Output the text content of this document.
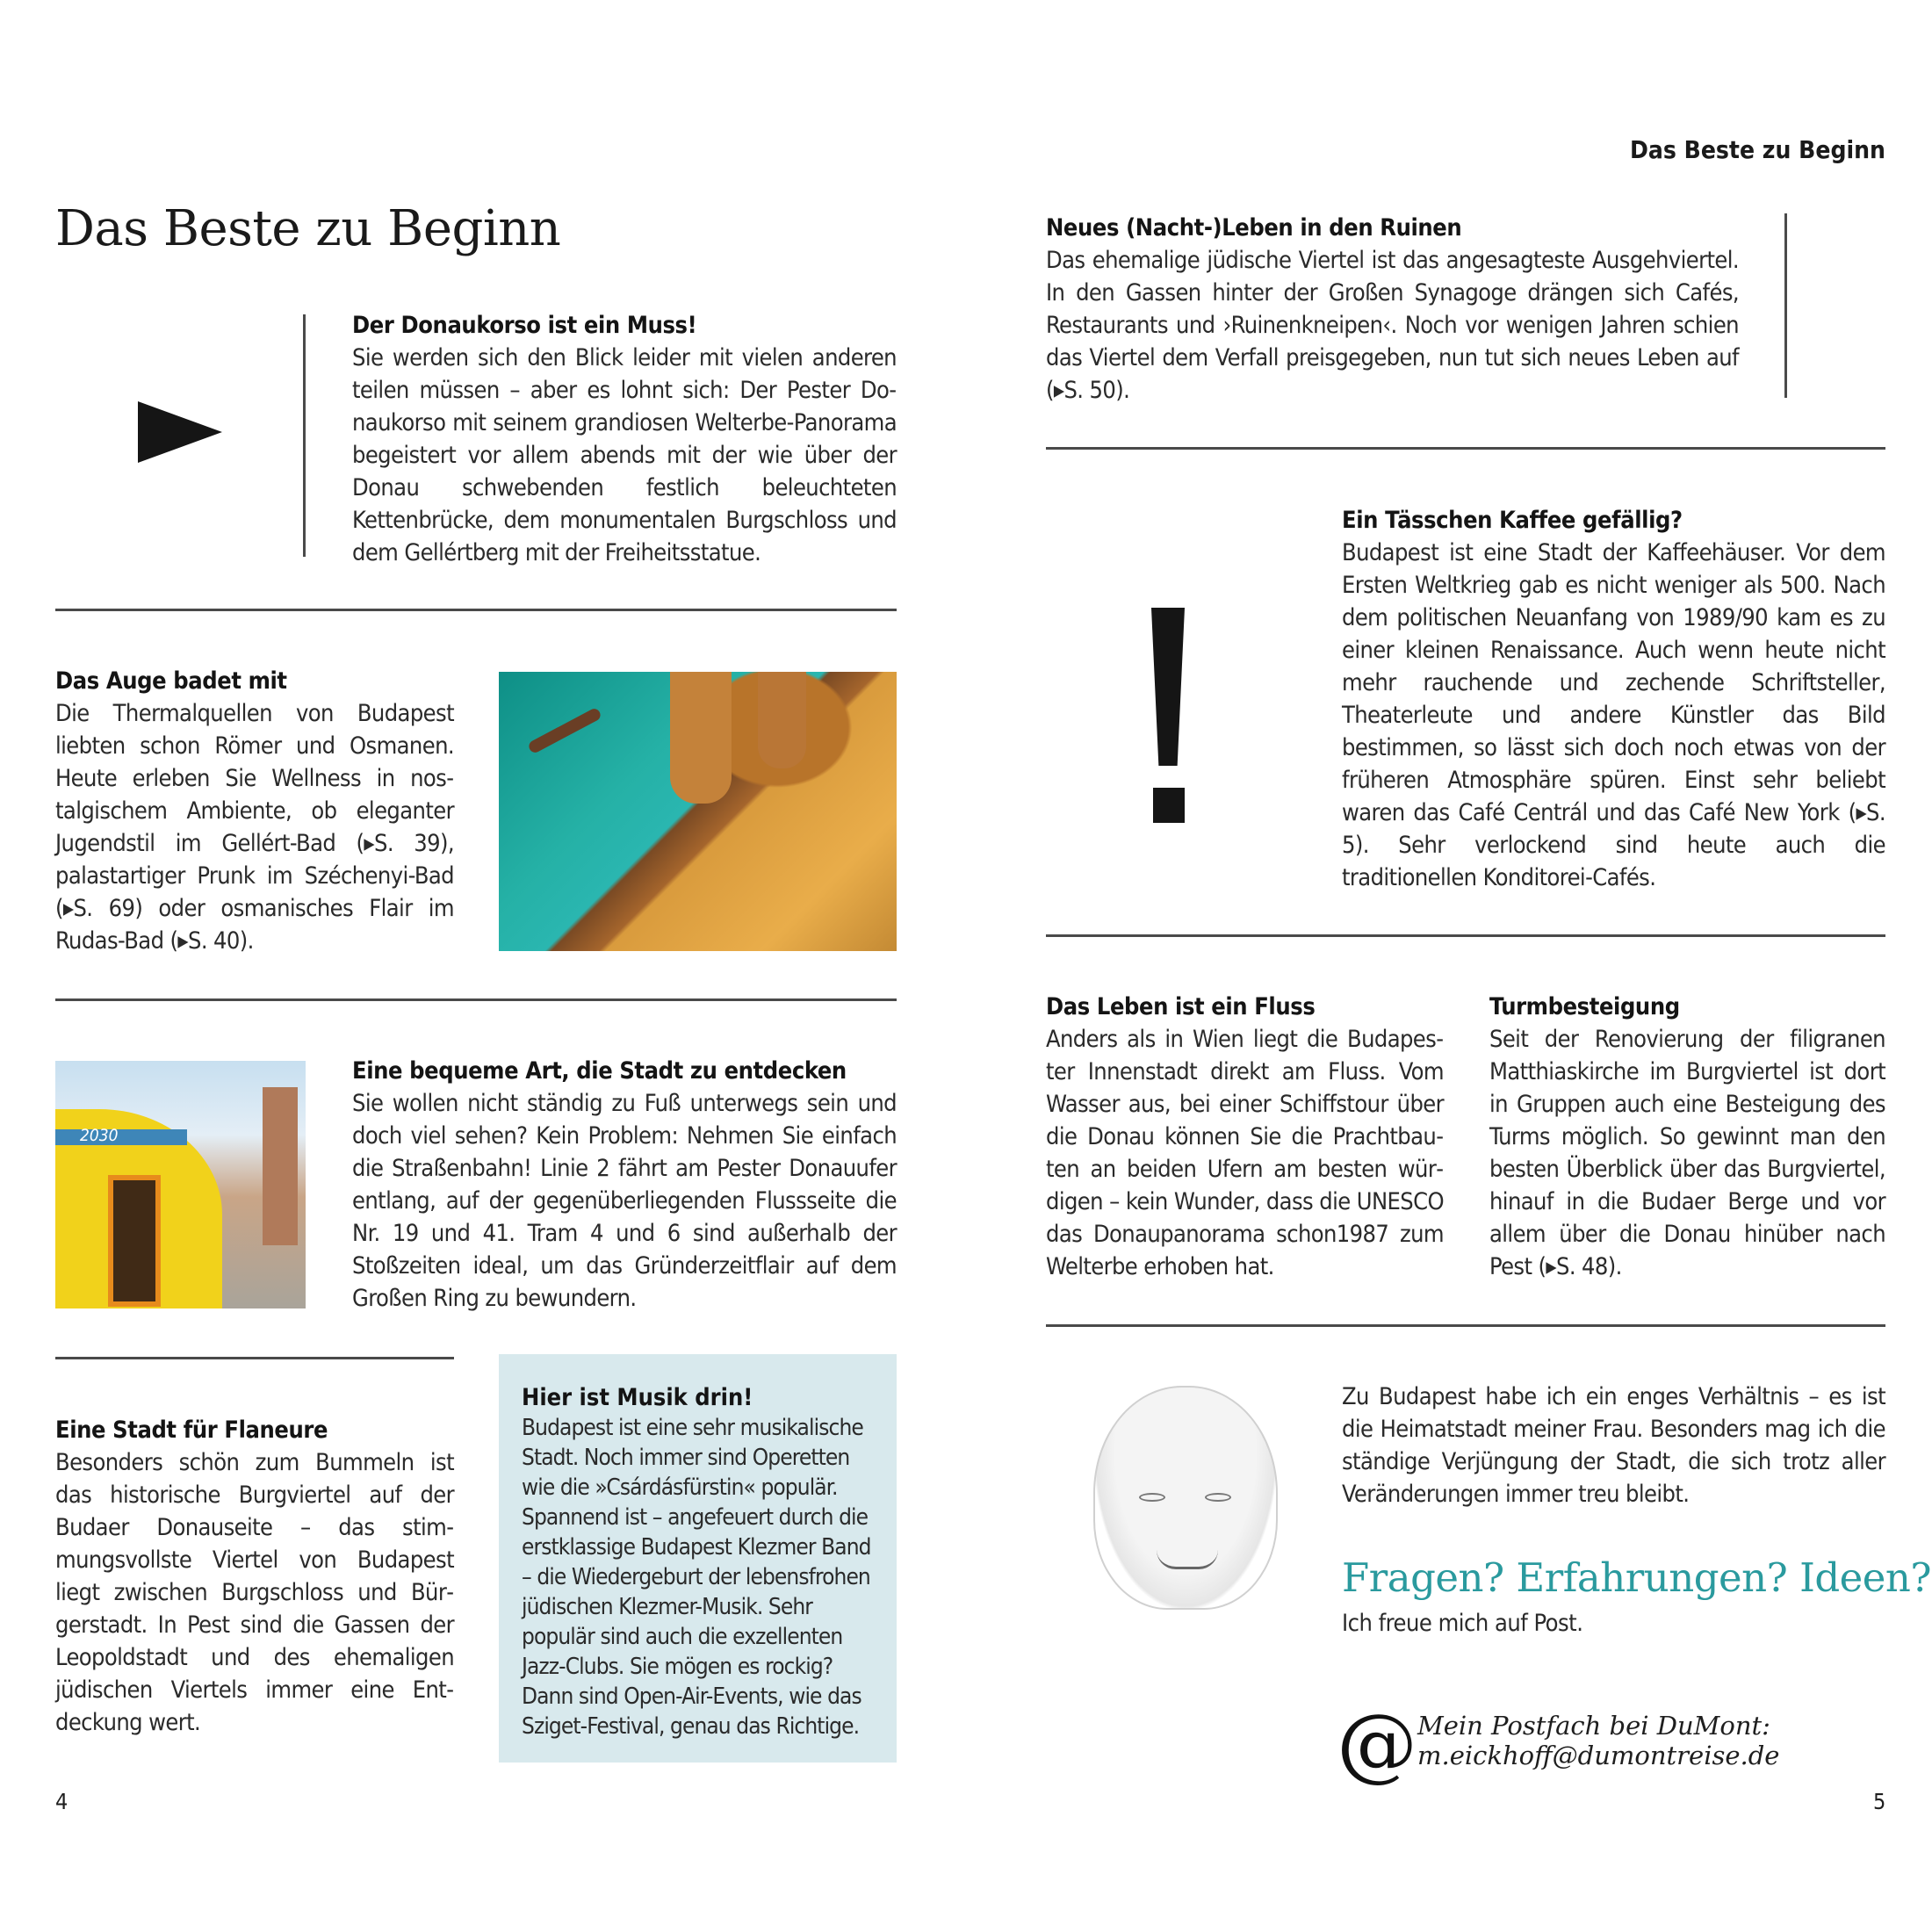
Das Beste zu Beginn
Das Beste zu Beginn
Der Donaukorso ist ein Muss!

Sie werden sich den Blick leider mit vielen anderen teilen müssen – aber es lohnt sich: Der Pester Donaukorso mit seinem grandiosen Welterbe-Panorama begeistert vor allem abends mit der wie über der Donau schwebenden festlich beleuchteten Kettenbrücke, dem monumentalen Burgschloss und dem Gellértberg mit der Freiheitsstatue.

Das Auge badet mit

Die Thermalquellen von Budapest liebten schon Römer und Osmanen. Heute erleben Sie Wellness in nostalgischem Ambiente, ob eleganter Jugendstil im Gellért-Bad (▸S. 39), palastartiger Prunk im Széchenyi-Bad (▸S. 69) oder osmanisches Flair im Rudas-Bad (▸S. 40).

2030
Eine bequeme Art, die Stadt zu entdecken

Sie wollen nicht ständig zu Fuß unterwegs sein und doch viel sehen? Kein Problem: Nehmen Sie einfach die Straßenbahn! Linie 2 fährt am Pester Donauufer entlang, auf der gegenüberliegenden Flussseite die Nr. 19 und 41. Tram 4 und 6 sind außerhalb der Stoßzeiten ideal, um das Gründerzeitflair auf dem Großen Ring zu bewundern.

Eine Stadt für Flaneure

Besonders schön zum Bummeln ist das historische Burgviertel auf der Budaer Donauseite – das stimmungsvollste Viertel von Budapest liegt zwischen Burgschloss und Bürgerstadt. In Pest sind die Gassen der Leopoldstadt und des ehemaligen jüdischen Viertels immer eine Entdeckung wert.

Hier ist Musik drin!

Budapest ist eine sehr musikalische Stadt. Noch immer sind Operetten wie die »Csárdásfürstin« populär. Spannend ist – angefeuert durch die erstklassige Budapest Klezmer Band – die Wiedergeburt der lebensfrohen jüdischen Klezmer-Musik. Sehr populär sind auch die exzellenten Jazz-Clubs. Sie mögen es rockig? Dann sind Open-Air-Events, wie das Sziget-Festival, genau das Richtige.

4
Neues (Nacht-)Leben in den Ruinen

Das ehemalige jüdische Viertel ist das angesagteste Ausgehviertel. In den Gassen hinter der Großen Synagoge drängen sich Cafés, Restaurants und ›Ruinenkneipen‹. Noch vor wenigen Jahren schien das Viertel dem Verfall preisgegeben, nun tut sich neues Leben auf (▸S. 50).

Ein Tässchen Kaffee gefällig?

Budapest ist eine Stadt der Kaffeehäuser. Vor dem Ersten Weltkrieg gab es nicht weniger als 500. Nach dem politischen Neuanfang von 1989/90 kam es zu einer kleinen Renaissance. Auch wenn heute nicht mehr rauchende und zechende Schriftsteller, Theaterleute und andere Künstler das Bild bestimmen, so lässt sich doch noch etwas von der früheren Atmosphäre spüren. Einst sehr beliebt waren das Café Centrál und das Café New York (▸S. 5). Sehr verlockend sind heute auch die traditionellen Konditorei-Cafés.

Das Leben ist ein Fluss

Anders als in Wien liegt die Budapester Innenstadt direkt am Fluss. Vom Wasser aus, bei einer Schiffstour über die Donau können Sie die Prachtbauten an beiden Ufern am besten würdigen – kein Wunder, dass die UNESCO das Donaupanorama schon1987 zum Welterbe erhoben hat.

Turmbesteigung

Seit der Renovierung der filigranen Matthiaskirche im Burgviertel ist dort in Gruppen auch eine Besteigung des Turms möglich. So gewinnt man den besten Überblick über das Burgviertel, hinauf in die Budaer Berge und vor allem über die Donau hinüber nach Pest (▸S. 48).

Zu Budapest habe ich ein enges Verhältnis – es ist die Heimatstadt meiner Frau. Besonders mag ich die ständige Verjüngung der Stadt, die sich trotz aller Veränderungen immer treu bleibt.

Fragen? Erfahrungen? Ideen?
Ich freue mich auf Post.
@ Mein Postfach bei DuMont:
m.eickhoff@dumontreise.de
5
